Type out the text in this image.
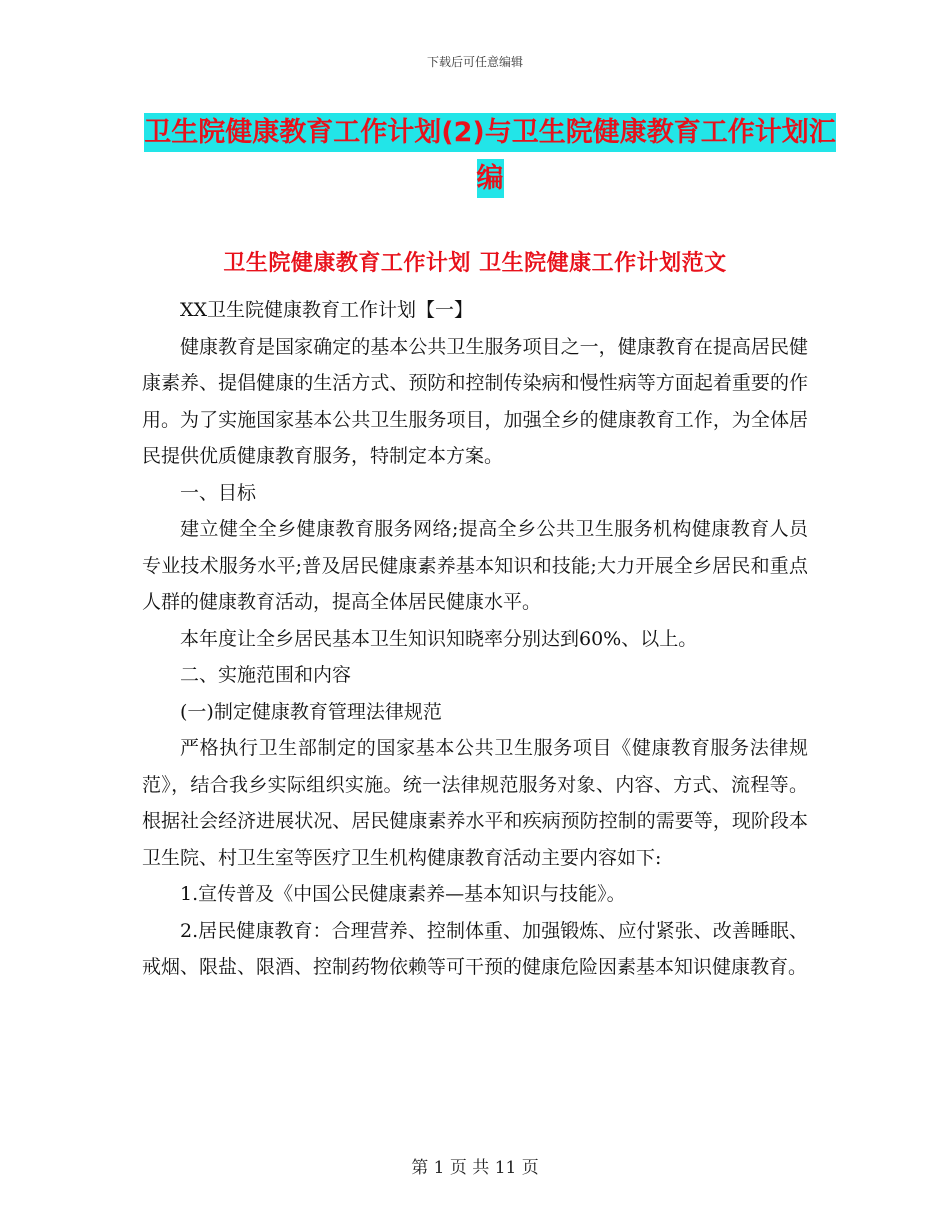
下载后可任意编辑
卫生院健康教育工作计划(2)与卫生院健康教育工作计划汇编
卫生院健康教育工作计划 卫生院健康工作计划范文

XX卫生院健康教育工作计划【一】

健康教育是国家确定的基本公共卫生服务项目之一，健康教育在提高居民健康素养、提倡健康的生活方式、预防和控制传染病和慢性病等方面起着重要的作用。为了实施国家基本公共卫生服务项目，加强全乡的健康教育工作，为全体居民提供优质健康教育服务，特制定本方案。

一、目标

建立健全全乡健康教育服务网络;提高全乡公共卫生服务机构健康教育人员专业技术服务水平;普及居民健康素养基本知识和技能;大力开展全乡居民和重点人群的健康教育活动，提高全体居民健康水平。

本年度让全乡居民基本卫生知识知晓率分别达到60%、以上。

二、实施范围和内容

(一)制定健康教育管理法律规范

严格执行卫生部制定的国家基本公共卫生服务项目《健康教育服务法律规范》，结合我乡实际组织实施。统一法律规范服务对象、内容、方式、流程等。根据社会经济进展状况、居民健康素养水平和疾病预防控制的需要等，现阶段本卫生院、村卫生室等医疗卫生机构健康教育活动主要内容如下:

1.宣传普及《中国公民健康素养—基本知识与技能》。

2.居民健康教育：合理营养、控制体重、加强锻炼、应付紧张、改善睡眠、戒烟、限盐、限酒、控制药物依赖等可干预的健康危险因素基本知识健康教育。

第 1 页 共 11 页
